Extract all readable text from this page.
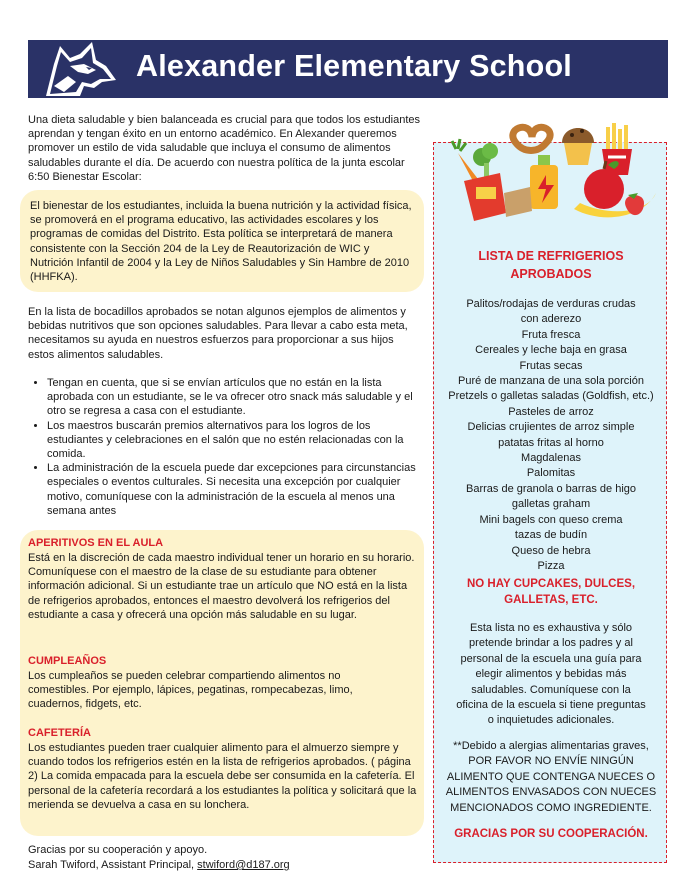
Alexander Elementary School
Una dieta saludable y bien balanceada es crucial para que todos los estudiantes aprendan y tengan éxito en un entorno académico. En Alexander queremos promover un estilo de vida saludable que incluya el consumo de alimentos saludables durante el día. De acuerdo con nuestra política de la junta escolar 6:50 Bienestar Escolar:
El bienestar de los estudiantes, incluida la buena nutrición y la actividad física, se promoverá en el programa educativo, las actividades escolares y los programas de comidas del Distrito. Esta política se interpretará de manera consistente con la Sección 204 de la Ley de Reautorización de WIC y Nutrición Infantil de 2004 y la Ley de Niños Saludables y Sin Hambre de 2010 (HHFKA).
En la lista de bocadillos aprobados se notan algunos ejemplos de alimentos y bebidas nutritivos que son opciones saludables. Para llevar a cabo esta meta, necesitamos su ayuda en nuestros esfuerzos para proporcionar a sus hijos estos alimentos saludables.
• Tengan en cuenta, que si se envían artículos que no están en la lista aprobada con un estudiante, se le va ofrecer otro snack más saludable y el otro se regresa a casa con el estudiante.
• Los maestros buscarán premios alternativos para los logros de los estudiantes y celebraciones en el salón que no estén relacionadas con la comida.
• La administración de la escuela puede dar excepciones para circunstancias especiales o eventos culturales. Si necesita una excepción por cualquier motivo, comuníquese con la administración de la escuela al menos una semana antes
APERITIVOS EN EL AULA
Está en la discreción de cada maestro individual tener un horario en su horario. Comuníquese con el maestro de la clase de su estudiante para obtener información adicional. Si un estudiante trae un artículo que NO está en la lista de refrigerios aprobados, entonces el maestro devolverá los refrigerios del estudiante a casa y ofrecerá una opción más saludable en su lugar.
CUMPLEAÑOS
Los cumpleaños se pueden celebrar compartiendo alimentos no comestibles. Por ejemplo, lápices, pegatinas, rompecabezas, limo, cuadernos, fidgets, etc.
CAFETERÍA
Los estudiantes pueden traer cualquier alimento para el almuerzo siempre y cuando todos los refrigerios estén en la lista de refrigerios aprobados. ( página 2) La comida empacada para la escuela debe ser consumida en la cafetería. El personal de la cafetería recordará a los estudiantes la política y solicitará que la merienda se devuelva a casa en su lonchera.
Gracias por su cooperación y apoyo.
Sarah Twiford, Assistant Principal, stwiford@d187.org
LISTA DE REFRIGERIOS APROBADOS
Palitos/rodajas de verduras crudas con aderezo
Fruta fresca
Cereales y leche baja en grasa
Frutas secas
Puré de manzana de una sola porción
Pretzels o galletas saladas (Goldfish, etc.)
Pasteles de arroz
Delicias crujientes de arroz simple
patatas fritas al horno
Magdalenas
Palomitas
Barras de granola o barras de higo
galletas graham
Mini bagels con queso crema
tazas de budín
Queso de hebra
Pizza
NO HAY CUPCAKES, DULCES, GALLETAS, ETC.
Esta lista no es exhaustiva y sólo pretende brindar a los padres y al personal de la escuela una guía para elegir alimentos y bebidas más saludables. Comuníquese con la oficina de la escuela si tiene preguntas o inquietudes adicionales.
**Debido a alergias alimentarias graves, POR FAVOR NO ENVÍE NINGÚN ALIMENTO QUE CONTENGA NUECES O ALIMENTOS ENVASADOS CON NUECES MENCIONADOS COMO INGREDIENTE.
GRACIAS POR SU COOPERACIÓN.
